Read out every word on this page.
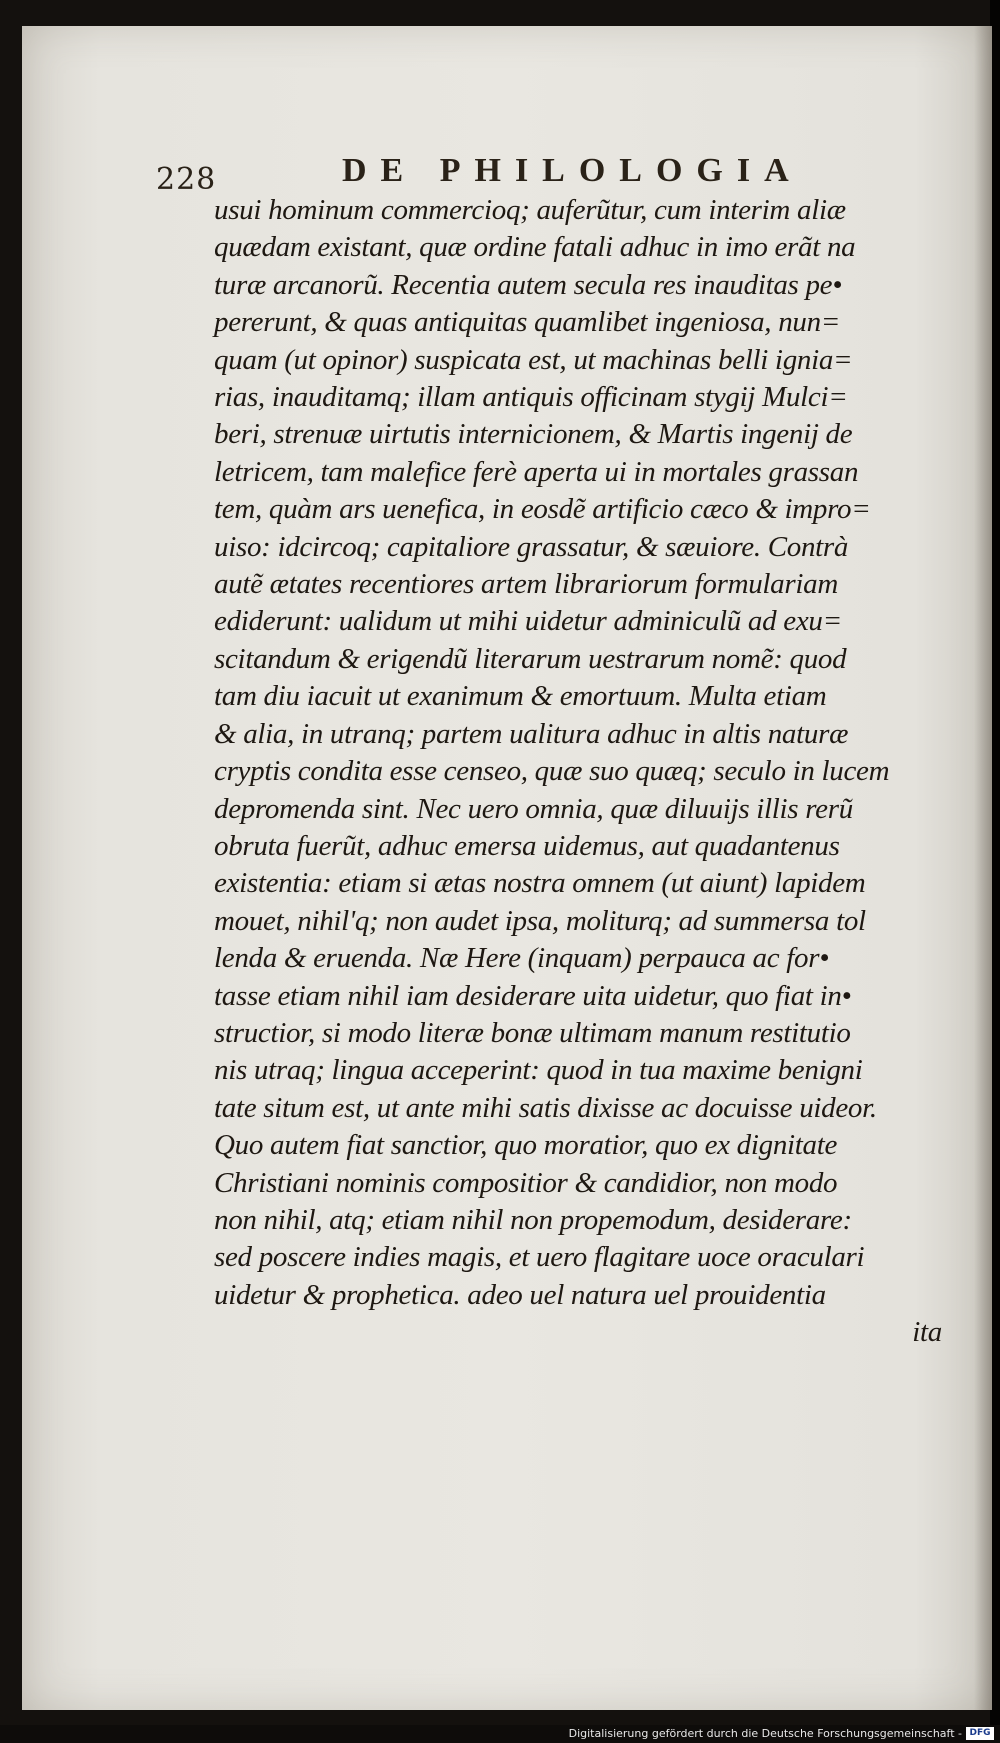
228	DE PHILOLOGIA
usui hominum commercioq; auferũtur, cum interim aliæ
quædam existant, quæ ordine fatali adhuc in imo erãt na
turæ arcanorũ. Recentia autem secula res inauditas pe•
pererunt, & quas antiquitas quamlibet ingeniosa, nun=
quam (ut opinor) suspicata est, ut machinas belli ignia=
rias, inauditamq; illam antiquis officinam stygij Mulci=
beri, strenuæ uirtutis internicionem, & Martis ingenij de
letricem, tam malefice ferè aperta ui in mortales grassan
tem, quàm ars uenefica, in eosdẽ artificio cæco & impro=
uiso: idcircoq; capitaliore grassatur, & sæuiore. Contrà
autẽ ætates recentiores artem librariorum formulariam
ediderunt: ualidum ut mihi uidetur adminiculũ ad exu=
scitandum & erigendũ literarum uestrarum nomẽ: quod
tam diu iacuit ut exanimum & emortuum. Multa etiam
& alia, in utranq; partem ualitura adhuc in altis naturæ
cryptis condita esse censeo, quæ suo quæq; seculo in lucem
depromenda sint. Nec uero omnia, quæ diluuijs illis rerũ
obruta fuerũt, adhuc emersa uidemus, aut quadantenus
existentia: etiam si ætas nostra omnem (ut aiunt) lapidem
mouet, nihil'q; non audet ipsa, moliturq; ad summersa tol
lenda & eruenda. Næ Here (inquam) perpauca ac for•
tasse etiam nihil iam desiderare uita uidetur, quo fiat in•
structior, si modo literæ bonæ ultimam manum restitutio
nis utraq; lingua acceperint: quod in tua maxime benigni
tate situm est, ut ante mihi satis dixisse ac docuisse uideor.
Quo autem fiat sanctior, quo moratior, quo ex dignitate
Christiani nominis compositior & candidior, non modo
non nihil, atq; etiam nihil non propemodum, desiderare:
sed poscere indies magis, et uero flagitare uoce oraculari
uidetur & prophetica. adeo uel natura uel prouidentia
ita
Digitalisierung gefördert durch die Deutsche Forschungsgemeinschaft - DFG
